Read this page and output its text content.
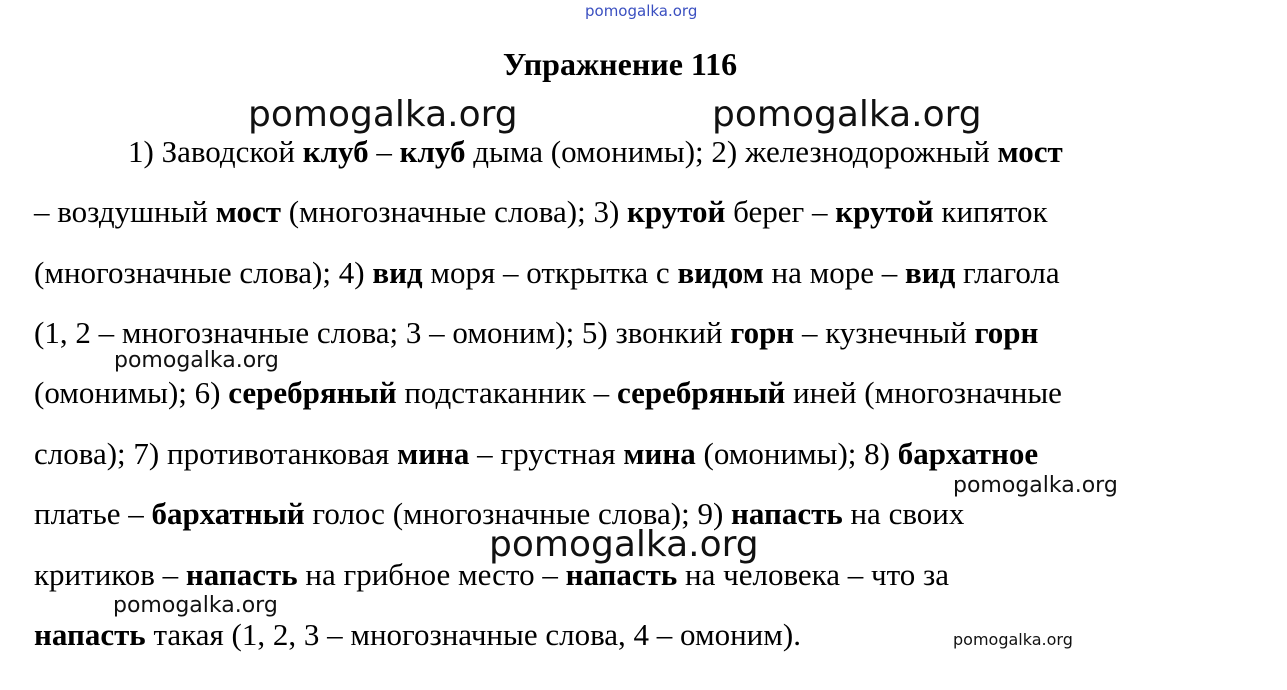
Упражнение 116
1) Заводской клуб – клуб дыма (омонимы); 2) железнодорожный мост
– воздушный мост (многозначные слова); 3) крутой берег – крутой кипяток
(многозначные слова); 4) вид моря – открытка с видом на море – вид глагола
(1, 2 – многозначные слова; 3 – омоним); 5) звонкий горн – кузнечный горн
(омонимы); 6) серебряный подстаканник – серебряный иней (многозначные
слова); 7) противотанковая мина – грустная мина (омонимы); 8) бархатное
платье – бархатный голос (многозначные слова); 9) напасть на своих
критиков – напасть на грибное место – напасть на человека – что за
напасть такая (1, 2, 3 – многозначные слова, 4 – омоним).
pomogalka.org
pomogalka.org	pomogalka.org
pomogalka.org
pomogalka.org
pomogalka.org
pomogalka.org
pomogalka.org
